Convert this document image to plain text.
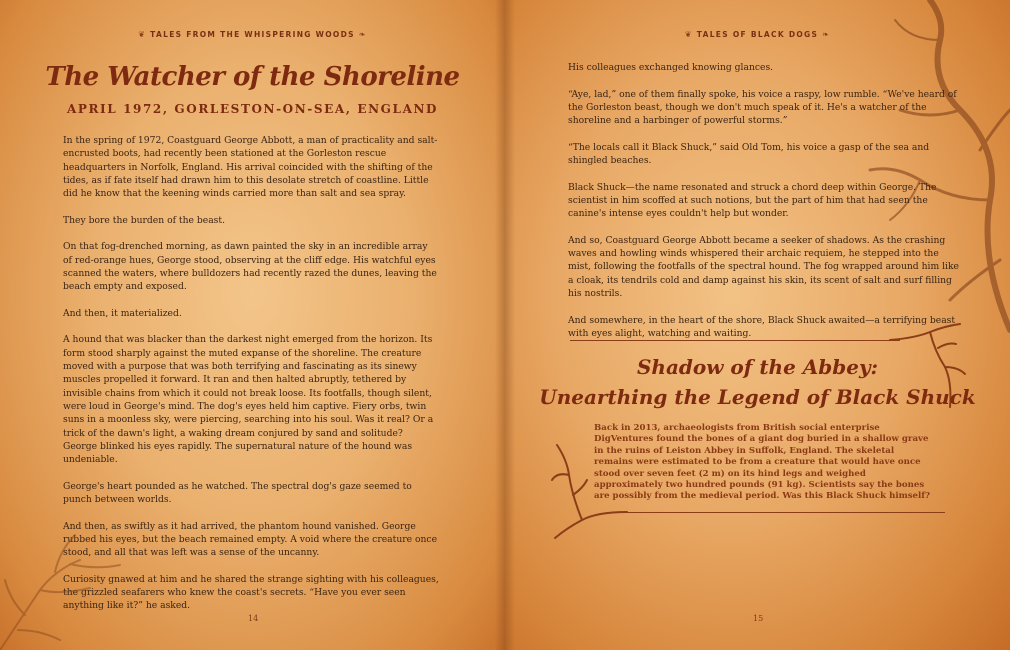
❦ TALES FROM THE WHISPERING WOODS ❧
The Watcher of the Shoreline
APRIL 1972, GORLESTON-ON-SEA, ENGLAND

In the spring of 1972, Coastguard George Abbott, a man of practicality and salt-encrusted boots, had recently been stationed at the Gorleston rescue headquarters in Norfolk, England. His arrival coincided with the shifting of the tides, as if fate itself had drawn him to this desolate stretch of coastline. Little did he know that the keening winds carried more than salt and sea spray.

They bore the burden of the beast.

On that fog-drenched morning, as dawn painted the sky in an incredible array of red-orange hues, George stood, observing at the cliff edge. His watchful eyes scanned the waters, where bulldozers had recently razed the dunes, leaving the beach empty and exposed.

And then, it materialized.

A hound that was blacker than the darkest night emerged from the horizon. Its form stood sharply against the muted expanse of the shoreline. The creature moved with a purpose that was both terrifying and fascinating as its sinewy muscles propelled it forward. It ran and then halted abruptly, tethered by invisible chains from which it could not break loose. Its footfalls, though silent, were loud in George's mind. The dog's eyes held him captive. Fiery orbs, twin suns in a moonless sky, were piercing, searching into his soul. Was it real? Or a trick of the dawn's light, a waking dream conjured by sand and solitude? George blinked his eyes rapidly. The supernatural nature of the hound was undeniable.

George's heart pounded as he watched. The spectral dog's gaze seemed to punch between worlds.

And then, as swiftly as it had arrived, the phantom hound vanished. George rubbed his eyes, but the beach remained empty. A void where the creature once stood, and all that was left was a sense of the uncanny.

Curiosity gnawed at him and he shared the strange sighting with his colleagues, the grizzled seafarers who knew the coast's secrets. “Have you ever seen anything like it?” he asked.

14
❦ TALES OF BLACK DOGS ❧

His colleagues exchanged knowing glances.

“Aye, lad,” one of them finally spoke, his voice a raspy, low rumble. “We've heard of the Gorleston beast, though we don't much speak of it. He's a watcher of the shoreline and a harbinger of powerful storms.”

“The locals call it Black Shuck,” said Old Tom, his voice a gasp of the sea and shingled beaches.

Black Shuck—the name resonated and struck a chord deep within George. The scientist in him scoffed at such notions, but the part of him that had seen the canine's intense eyes couldn't help but wonder.

And so, Coastguard George Abbott became a seeker of shadows. As the crashing waves and howling winds whispered their archaic requiem, he stepped into the mist, following the footfalls of the spectral hound. The fog wrapped around him like a cloak, its tendrils cold and damp against his skin, its scent of salt and surf filling his nostrils.

And somewhere, in the heart of the shore, Black Shuck awaited—a terrifying beast with eyes alight, watching and waiting.

Shadow of the Abbey:
Unearthing the Legend of Black Shuck
Back in 2013, archaeologists from British social enterprise DigVentures found the bones of a giant dog buried in a shallow grave in the ruins of Leiston Abbey in Suffolk, England. The skeletal remains were estimated to be from a creature that would have once stood over seven feet (2 m) on its hind legs and weighed approximately two hundred pounds (91 kg). Scientists say the bones are possibly from the medieval period. Was this Black Shuck himself?
15
